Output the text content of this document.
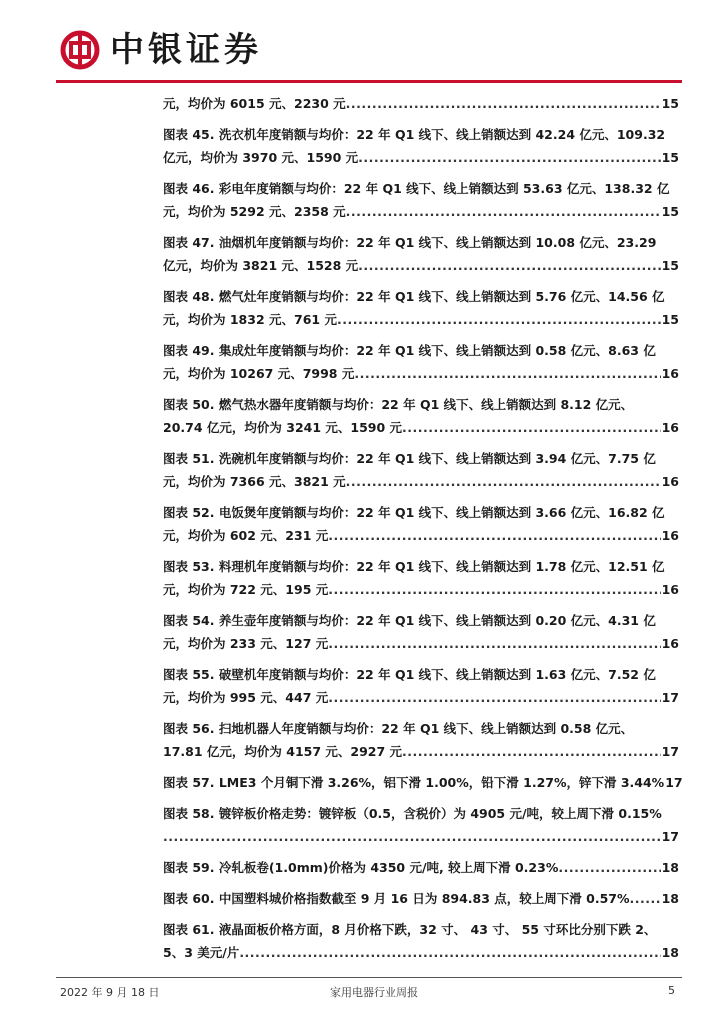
中银证券
元，均价为 6015 元、2230 元 .....	15
图表 45. 洗衣机年度销额与均价：22 年 Q1 线下、线上销额达到 42.24 亿元、109.32
亿元，均价为 3970 元、1590 元 .....	15
图表 46. 彩电年度销额与均价：22 年 Q1 线下、线上销额达到 53.63 亿元、138.32 亿
元，均价为 5292 元、2358 元 .....	15
图表 47. 油烟机年度销额与均价：22 年 Q1 线下、线上销额达到 10.08 亿元、23.29
亿元，均价为 3821 元、1528 元 .....	15
图表 48. 燃气灶年度销额与均价：22 年 Q1 线下、线上销额达到 5.76 亿元、14.56 亿
元，均价为 1832 元、761 元 .....	15
图表 49. 集成灶年度销额与均价：22 年 Q1 线下、线上销额达到 0.58 亿元、8.63 亿
元，均价为 10267 元、7998 元 .....	16
图表 50. 燃气热水器年度销额与均价：22 年 Q1 线下、线上销额达到 8.12 亿元、
20.74 亿元，均价为 3241 元、1590 元 .....	16
图表 51. 洗碗机年度销额与均价：22 年 Q1 线下、线上销额达到 3.94 亿元、7.75 亿
元，均价为 7366 元、3821 元 .....	16
图表 52. 电饭煲年度销额与均价：22 年 Q1 线下、线上销额达到 3.66 亿元、16.82 亿
元，均价为 602 元、231 元 .....	16
图表 53. 料理机年度销额与均价：22 年 Q1 线下、线上销额达到 1.78 亿元、12.51 亿
元，均价为 722 元、195 元 .....	16
图表 54. 养生壶年度销额与均价：22 年 Q1 线下、线上销额达到 0.20 亿元、4.31 亿
元，均价为 233 元、127 元 .....	16
图表 55. 破壁机年度销额与均价：22 年 Q1 线下、线上销额达到 1.63 亿元、7.52 亿
元，均价为 995 元、447 元 .....	17
图表 56. 扫地机器人年度销额与均价：22 年 Q1 线下、线上销额达到 0.58 亿元、
17.81 亿元，均价为 4157 元、2927 元 .....	17
图表 57. LME3 个月铜下滑 3.26%，铝下滑 1.00%，铅下滑 1.27%，锌下滑 3.44% 17
图表 58. 镀锌板价格走势：镀锌板（0.5，含税价）为 4905 元/吨，较上周下滑 0.15%
.....
17
图表 59. 冷轧板卷(1.0mm)价格为 4350 元/吨, 较上周下滑 0.23% .....	18
图表 60. 中国塑料城价格指数截至 9 月 16 日为 894.83 点，较上周下滑 0.57% .....	18
图表 61. 液晶面板价格方面，8 月价格下跌，32 寸、 43 寸、 55 寸环比分别下跌 2、
5、3 美元/片 .....	18
2022 年 9 月 18 日	家用电器行业周报	5
